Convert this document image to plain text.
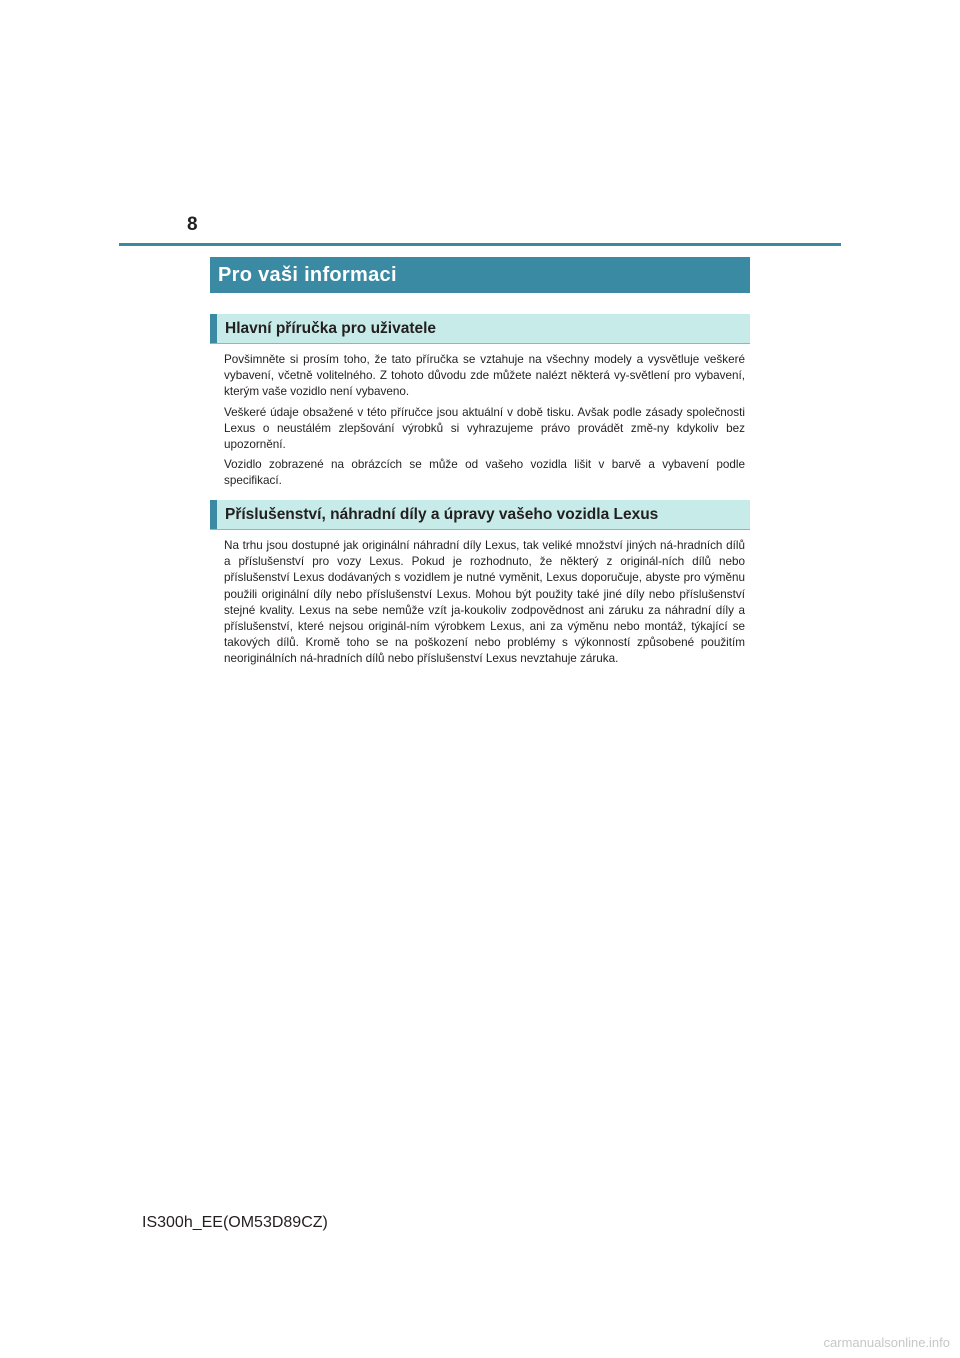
8
Pro vaši informaci
Hlavní příručka pro uživatele

Povšimněte si prosím toho, že tato příručka se vztahuje na všechny modely a vysvětluje veškeré vybavení, včetně volitelného. Z tohoto důvodu zde můžete nalézt některá vy-světlení pro vybavení, kterým vaše vozidlo není vybaveno.

Veškeré údaje obsažené v této příručce jsou aktuální v době tisku. Avšak podle zásady společnosti Lexus o neustálém zlepšování výrobků si vyhrazujeme právo provádět změ-ny kdykoliv bez upozornění.

Vozidlo zobrazené na obrázcích se může od vašeho vozidla lišit v barvě a vybavení podle specifikací.

Příslušenství, náhradní díly a úpravy vašeho vozidla Lexus

Na trhu jsou dostupné jak originální náhradní díly Lexus, tak veliké množství jiných ná-hradních dílů a příslušenství pro vozy Lexus. Pokud je rozhodnuto, že některý z originál-ních dílů nebo příslušenství Lexus dodávaných s vozidlem je nutné vyměnit, Lexus doporučuje, abyste pro výměnu použili originální díly nebo příslušenství Lexus. Mohou být použity také jiné díly nebo příslušenství stejné kvality. Lexus na sebe nemůže vzít ja-koukoliv zodpovědnost ani záruku za náhradní díly a příslušenství, které nejsou originál-ním výrobkem Lexus, ani za výměnu nebo montáž, týkající se takových dílů. Kromě toho se na poškození nebo problémy s výkonností způsobené použitím neoriginálních ná-hradních dílů nebo příslušenství Lexus nevztahuje záruka.

IS300h_EE(OM53D89CZ)
carmanualsonline.info
